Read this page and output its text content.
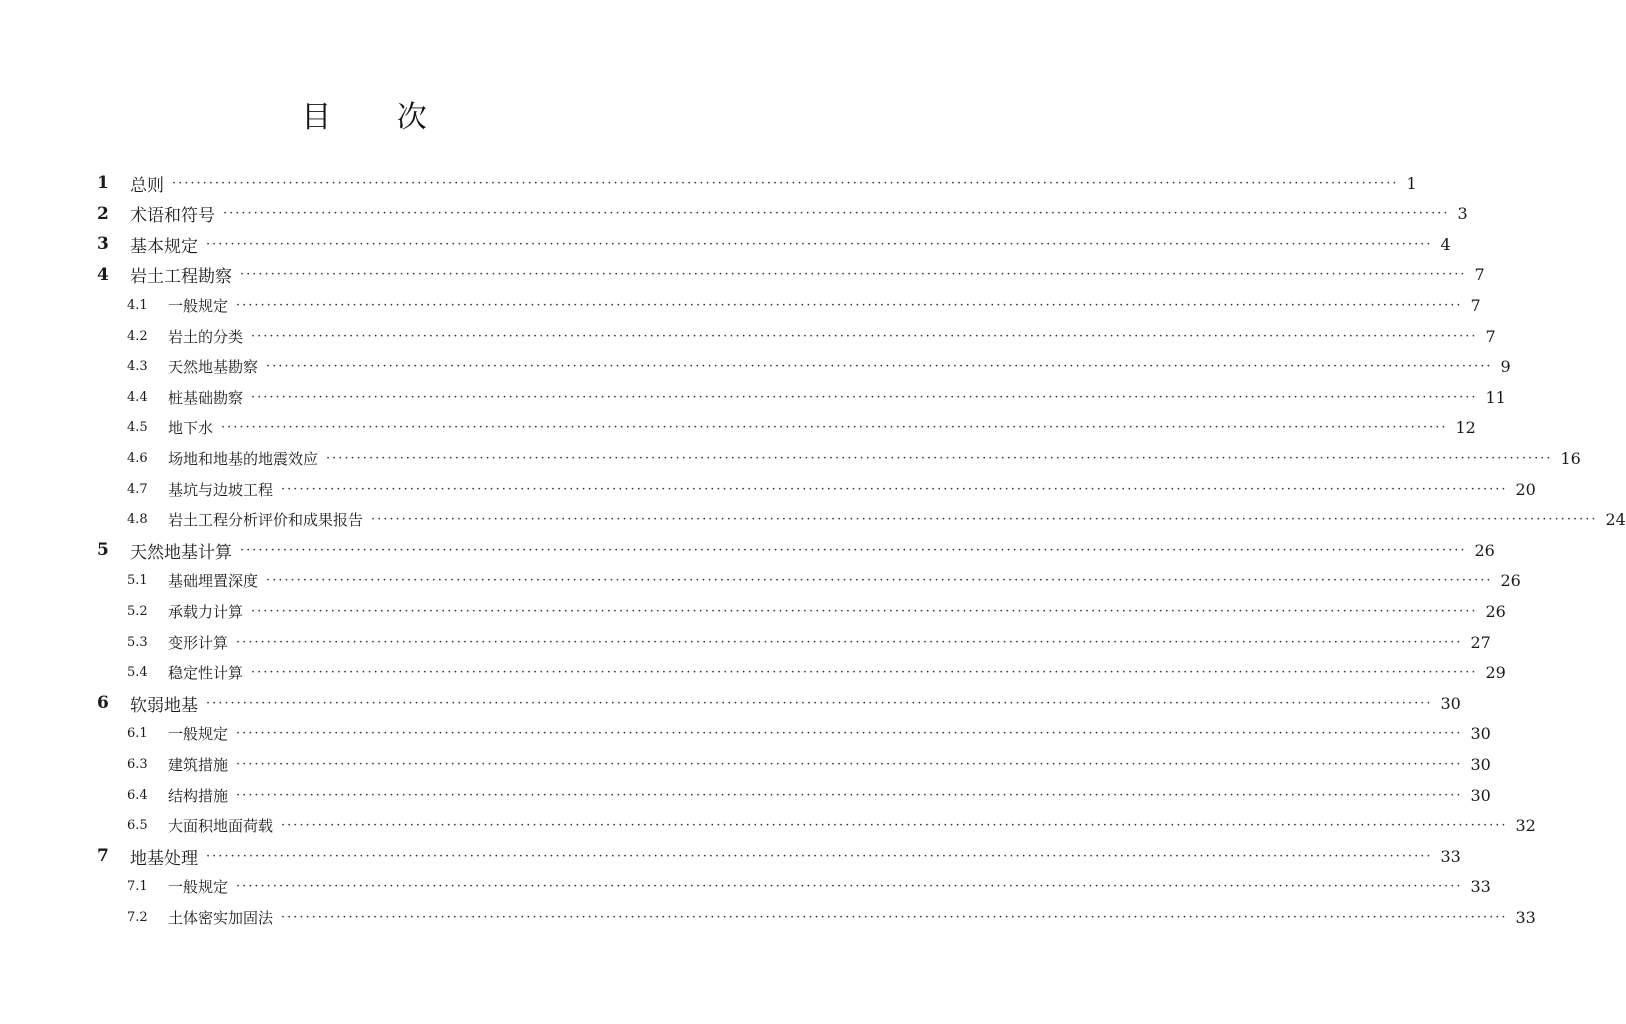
目 次
1 总则 ········································································································································································································ 1
2 术语和符号 ········································································································································································································ 3
3 基本规定 ········································································································································································································ 4
4 岩土工程勘察 ········································································································································································································ 7
4.1 一般规定 ········································································································································································································ 7
4.2 岩土的分类 ········································································································································································································ 7
4.3 天然地基勘察 ········································································································································································································ 9
4.4 桩基础勘察 ········································································································································································································ 11
4.5 地下水 ········································································································································································································ 12
4.6 场地和地基的地震效应 ········································································································································································································ 16
4.7 基坑与边坡工程 ········································································································································································································ 20
4.8 岩土工程分析评价和成果报告 ········································································································································································································ 24
5 天然地基计算 ········································································································································································································ 26
5.1 基础埋置深度 ········································································································································································································ 26
5.2 承载力计算 ········································································································································································································ 26
5.3 变形计算 ········································································································································································································ 27
5.4 稳定性计算 ········································································································································································································ 29
6 软弱地基 ········································································································································································································ 30
6.1 一般规定 ········································································································································································································ 30
6.3 建筑措施 ········································································································································································································ 30
6.4 结构措施 ········································································································································································································ 30
6.5 大面积地面荷载 ········································································································································································································ 32
7 地基处理 ········································································································································································································ 33
7.1 一般规定 ········································································································································································································ 33
7.2 土体密实加固法 ········································································································································································································ 33
